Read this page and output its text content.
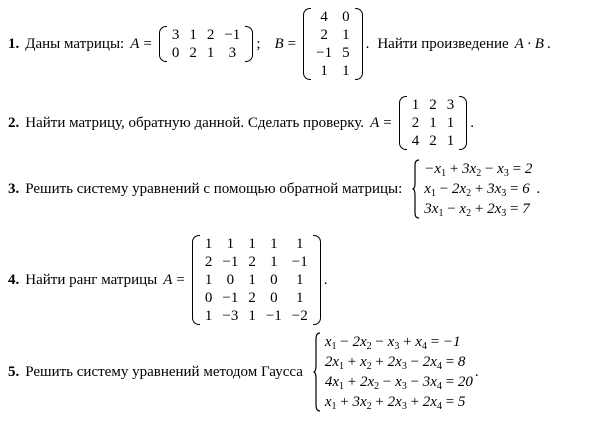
1. Даны матрицы: A =
3	1	2	−1
0	2	1	3
; B =
4	0
2	1
−1	5
1	1
. Найти произведение A · B .
2. Найти матрицу, обратную данной. Сделать проверку. A =
1	2	3
2	1	1
4	2	1
.
3. Решить систему уравнений с помощью обратной матрицы:
$-x_1 + 3x_2 - x_3 = 2$
$x_1 - 2x_2 + 3x_3 = 6$
$3x_1 - x_2 + 2x_3 = 7$
.
4. Найти ранг матрицы A =
1	1	1	1	1
2	−1	2	1	−1
1	0	1	0	1
0	−1	2	0	1
1	−3	1	−1	−2
.
5. Решить систему уравнений методом Гаусса
$x_1 - 2x_2 - x_3 + x_4 = -1$
$2x_1 + x_2 + 2x_3 - 2x_4 = 8$
$4x_1 + 2x_2 - x_3 - 3x_4 = 20$
$x_1 + 3x_2 + 2x_3 + 2x_4 = 5$
.
